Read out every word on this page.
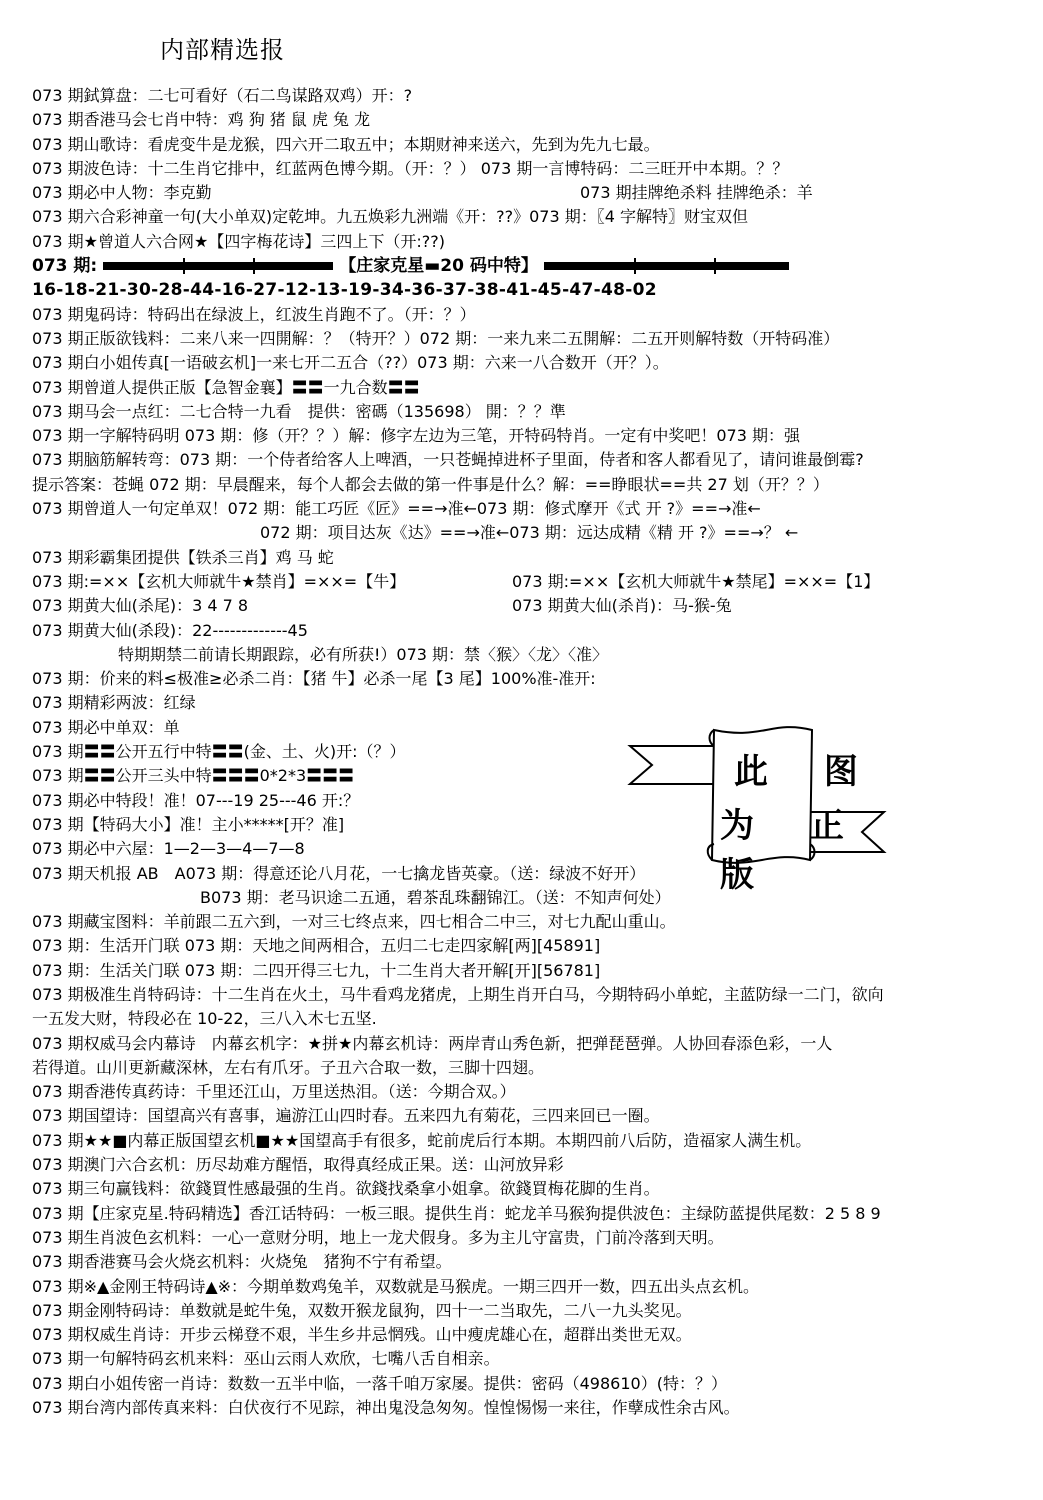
内部精选报
073 期鉽算盘：二七可看好（石二鸟谋路双鸡）开：?
073 期香港马会七肖中特：鸡 狗 猪 鼠 虎 兔 龙
073 期山歌诗：看虎变牛是龙猴，四六开二取五中；本期财神来送六，先到为先九七最。
073 期波色诗：十二生肖它排中，红蓝两色博今期。（开：？） 073 期一言博特码：二三旺开中本期。？？
073 期必中人物：李克勤	073 期挂牌绝杀料 挂牌绝杀：羊
073 期六合彩神童一句(大小单双)定乾坤。九五焕彩九洲端《开：??》073 期：〖4 字解特〗财宝双但
073 期★曾道人六合网★【四字梅花诗】三四上下（开:??)
073 期:	【庄家克星▬20 码中特】
16-18-21-30-28-44-16-27-12-13-19-34-36-37-38-41-45-47-48-02
073 期鬼码诗：特码出在绿波上，红波生肖跑不了。（开：？）
073 期正版欲钱料：二来八来一四開解：？（特开？）072 期：一来九来二五開解：二五开则解特数（开特码准）
073 期白小姐传真[一语破玄机]一来七开二五合（??）073 期：六来一八合数开（开？）。
073 期曾道人提供正版【急智金襄】〓〓一九合数〓〓
073 期马会一点红：二七合特一九看　提供：密碼（135698） 開：？？準
073 期一字解特码明 073 期：修（开？？）解：修字左边为三笔，开特码特肖。一定有中奖吧！073 期：强
073 期脑筋解转弯：073 期：一个侍者给客人上啤酒，一只苍蝇掉进杯子里面，侍者和客人都看见了，请问谁最倒霉?
提示答案：苍蝇 072 期：早晨醒来，每个人都会去做的第一件事是什么？解：==睁眼状==共 27 划（开？？）
073 期曾道人一句定单双！072 期：能工巧匠《匠》==→准←073 期：修式摩开《式 开 ?》==→准←
072 期：项目达灰《达》==→准←073 期：远达成精《精 开 ?》==→？ ←
073 期彩霸集团提供【铁杀三肖】鸡 马 蛇
073 期:=××【玄机大师就牛★禁肖】=××=【牛】	073 期:=××【玄机大师就牛★禁尾】=××=【1】
073 期黄大仙(杀尾)：3 4 7 8	073 期黄大仙(杀肖)：马-猴-兔
073 期黄大仙(杀段)：22-------------45
特期期禁二前请长期跟踪，必有所获!）073 期：禁〈猴〉〈龙〉〈准〉
073 期：价来的料≤极准≥必杀二肖：【猪 牛】必杀一尾【3 尾】100%准-准开:
073 期精彩两波：红绿
073 期必中单双：单
073 期〓〓公开五行中特〓〓(金、土、火)开:（？）
073 期〓〓公开三头中特〓〓〓0*2*3〓〓〓
073 期必中特段！准！07---19 25---46 开:？
073 期【特码大小】准！主小*****[开？准]
073 期必中六屋：1—2—3—4—7—8
073 期天机报 AB　A073 期：得意还论八月花，一七擒龙皆英豪。（送：绿波不好开）
B073 期：老马识途二五通，碧茶乱珠翻锦江。（送：不知声何处）
073 期藏宝图料：羊前跟二五六到，一对三七终点来，四七相合二中三，对七九配山重山。
073 期：生活开门联 073 期：天地之间两相合，五归二七走四家解[两][45891]
073 期：生活关门联 073 期：二四开得三七九，十二生肖大者开解[开][56781]
073 期极准生肖特码诗：十二生肖在火土，马牛看鸡龙猪虎，上期生肖开白马，今期特码小单蛇，主蓝防绿一二门，欲向
一五发大财，特段必在 10-22，三八入木七五坚.
073 期权威马会内幕诗　内幕玄机字：★拼★内幕玄机诗：两岸青山秀色新，把弹琵琶弹。人协回春添色彩，一人
若得道。山川更新藏深林，左右有爪牙。子丑六合取一数，三脚十四翅。
073 期香港传真药诗：千里还江山，万里送热泪。（送：今期合双。）
073 期国望诗：国望高兴有喜事，遍游江山四时春。五来四九有菊花，三四来回已一圈。
073 期★★■内幕正版国望玄机■★★国望高手有很多，蛇前虎后行本期。本期四前八后防，造福家人满生机。
073 期澳门六合玄机：历尽劫难方醒悟，取得真经成正果。送：山河放异彩
073 期三句赢钱料：欲錢買性感最强的生肖。欲錢找桑拿小姐拿。欲錢買梅花脚的生肖。
073 期【庄家克星.特码精选】香江话特码：一板三眼。提供生肖：蛇龙羊马猴狗提供波色：主绿防蓝提供尾数：2 5 8 9
073 期生肖波色玄机料：一心一意财分明，地上一龙犬假身。多为主儿守富贵，门前冷落到天明。
073 期香港赛马会火烧玄机料：火烧兔　猪狗不宁有希望。
073 期※▲金刚王特码诗▲※：今期单数鸡兔羊，双数就是马猴虎。一期三四开一数，四五出头点玄机。
073 期金刚特码诗：单数就是蛇牛兔，双数开猴龙鼠狗，四十一二当取先，二八一九头奖见。
073 期权威生肖诗：开步云梯登不艰，半生乡井忌惘残。山中瘦虎雄心在，超群出类世无双。
073 期一句解特码玄机来料：巫山云雨人欢欣，七嘴八舌自相亲。
073 期白小姐传密一肖诗：数数一五半中临，一落千咱万家屡。提供：密码（498610）(特：？）
073 期台湾内部传真来料：白伏夜行不见踪，神出鬼没急匆匆。惶惶惕惕一来往，作孽成性余古风。
此 图
为 正 版
